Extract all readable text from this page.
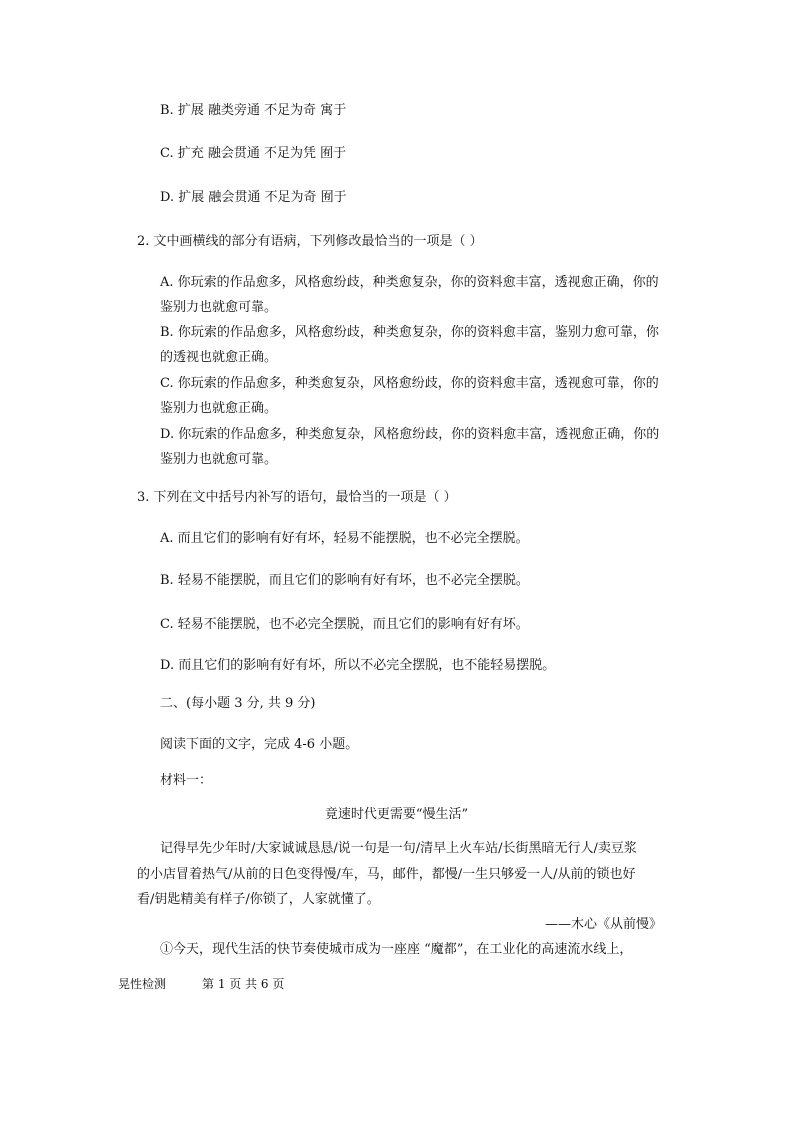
B. 扩展 融类旁通 不足为奇 寓于
C. 扩充 融会贯通 不足为凭 囿于
D. 扩展 融会贯通 不足为奇 囿于
2. 文中画横线的部分有语病，下列修改最恰当的一项是（ ）
A. 你玩索的作品愈多，风格愈纷歧，种类愈复杂，你的资料愈丰富，透视愈正确，你的
鉴别力也就愈可靠。
B. 你玩索的作品愈多，风格愈纷歧，种类愈复杂，你的资料愈丰富，鉴别力愈可靠，你
的透视也就愈正确。
C. 你玩索的作品愈多，种类愈复杂，风格愈纷歧，你的资料愈丰富，透视愈可靠，你的
鉴别力也就愈正确。
D. 你玩索的作品愈多，种类愈复杂，风格愈纷歧，你的资料愈丰富，透视愈正确，你的
鉴别力也就愈可靠。
3. 下列在文中括号内补写的语句，最恰当的一项是（ ）
A. 而且它们的影响有好有坏，轻易不能摆脱，也不必完全摆脱。
B. 轻易不能摆脱，而且它们的影响有好有坏，也不必完全摆脱。
C. 轻易不能摆脱，也不必完全摆脱，而且它们的影响有好有坏。
D. 而且它们的影响有好有坏，所以不必完全摆脱，也不能轻易摆脱。
二、(每小题 3 分, 共 9 分)
阅读下面的文字，完成 4-6 小题。
材料一：
竟速时代更需要“慢生活”
记得早先少年时/大家诚诚恳恳/说一句是一句/清早上火车站/长街黑暗无行人/卖豆浆
的小店冒着热气/从前的日色变得慢/车，马，邮件，都慢/一生只够爱一人/从前的锁也好
看/钥匙精美有样子/你锁了，人家就懂了。
——木心《从前慢》
①今天，现代生活的快节奏使城市成为一座座 “魔都”，在工业化的高速流水线上，
晃性检测	第 1 页 共 6 页
